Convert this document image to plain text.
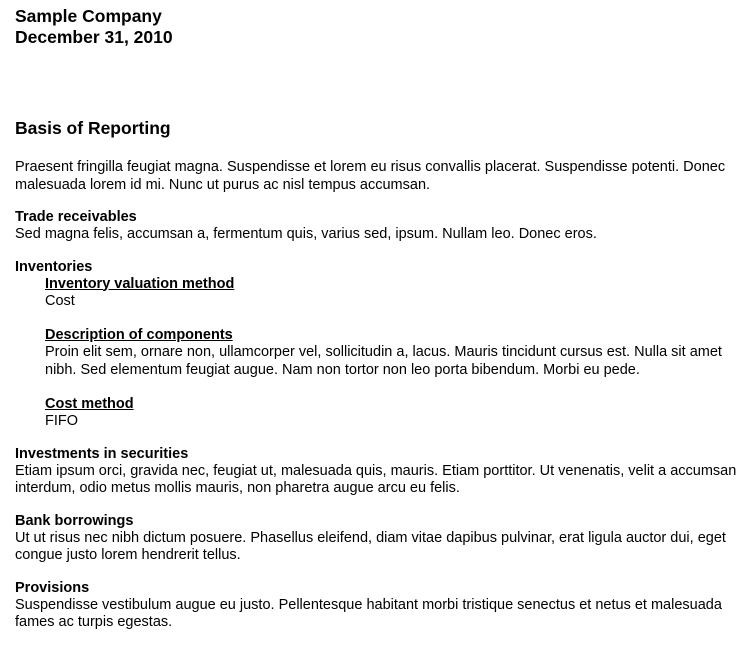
Sample Company
December 31, 2010
Basis of Reporting
Praesent fringilla feugiat magna. Suspendisse et lorem eu risus convallis placerat. Suspendisse potenti. Donec malesuada lorem id mi. Nunc ut purus ac nisl tempus accumsan.
Trade receivables
Sed magna felis, accumsan a, fermentum quis, varius sed, ipsum. Nullam leo. Donec eros.
Inventories
Inventory valuation method
Cost
Description of components
Proin elit sem, ornare non, ullamcorper vel, sollicitudin a, lacus. Mauris tincidunt cursus est. Nulla sit amet nibh. Sed elementum feugiat augue. Nam non tortor non leo porta bibendum. Morbi eu pede.
Cost method
FIFO
Investments in securities
Etiam ipsum orci, gravida nec, feugiat ut, malesuada quis, mauris. Etiam porttitor. Ut venenatis, velit a accumsan interdum, odio metus mollis mauris, non pharetra augue arcu eu felis.
Bank borrowings
Ut ut risus nec nibh dictum posuere. Phasellus eleifend, diam vitae dapibus pulvinar, erat ligula auctor dui, eget congue justo lorem hendrerit tellus.
Provisions
Suspendisse vestibulum augue eu justo. Pellentesque habitant morbi tristique senectus et netus et malesuada fames ac turpis egestas.
